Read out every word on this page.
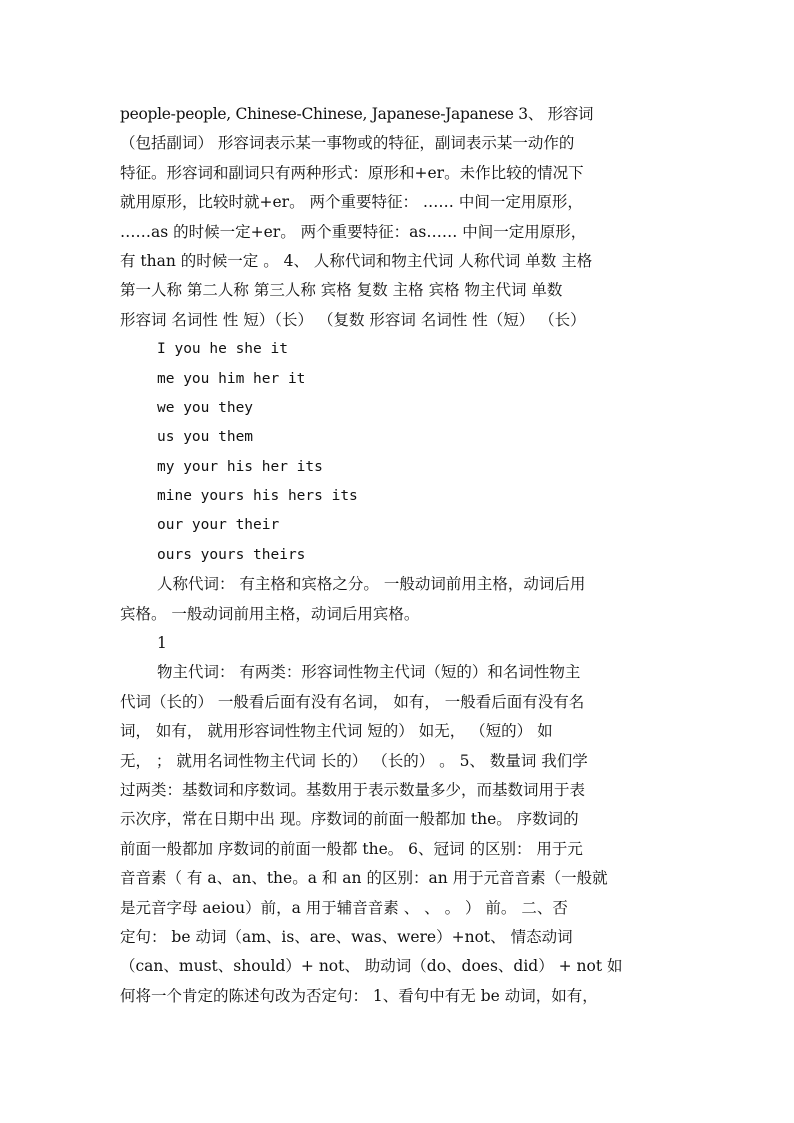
people-people, Chinese-Chinese, Japanese-Japanese 3、 形容词
（包括副词） 形容词表示某一事物或的特征，副词表示某一动作的
特征。形容词和副词只有两种形式：原形和+er。未作比较的情况下
就用原形，比较时就+er。 两个重要特征： …… 中间一定用原形，
……as 的时候一定+er。 两个重要特征：as…… 中间一定用原形，
有 than 的时候一定 。 4、 人称代词和物主代词 人称代词 单数 主格
第一人称 第二人称 第三人称 宾格 复数 主格 宾格 物主代词 单数
形容词 名词性 性 短）（长） （复数 形容词 名词性 性（短） （长）
I you he she it
me you him her it
we you they
us you them
my your his her its
mine yours his hers its
our your their
ours yours theirs
人称代词： 有主格和宾格之分。 一般动词前用主格，动词后用
宾格。 一般动词前用主格，动词后用宾格。
1
物主代词： 有两类：形容词性物主代词（短的）和名词性物主
代词（长的） 一般看后面有没有名词， 如有， 一般看后面有没有名
词， 如有， 就用形容词性物主代词 短的） 如无， （短的） 如
无， ； 就用名词性物主代词 长的） （长的） 。 5、 数量词 我们学
过两类：基数词和序数词。基数用于表示数量多少，而基数词用于表
示次序，常在日期中出 现。序数词的前面一般都加 the。 序数词的
前面一般都加 序数词的前面一般都 the。 6、冠词 的区别： 用于元
音音素（ 有 a、an、the。a 和 an 的区别：an 用于元音音素（一般就
是元音字母 aeiou）前，a 用于辅音音素 、 、 。 ） 前。 二、否
定句： be 动词（am、is、are、was、were）+not、 情态动词
（can、must、should）+ not、 助动词（do、does、did） + not 如
何将一个肯定的陈述句改为否定句： 1、看句中有无 be 动词，如有，
